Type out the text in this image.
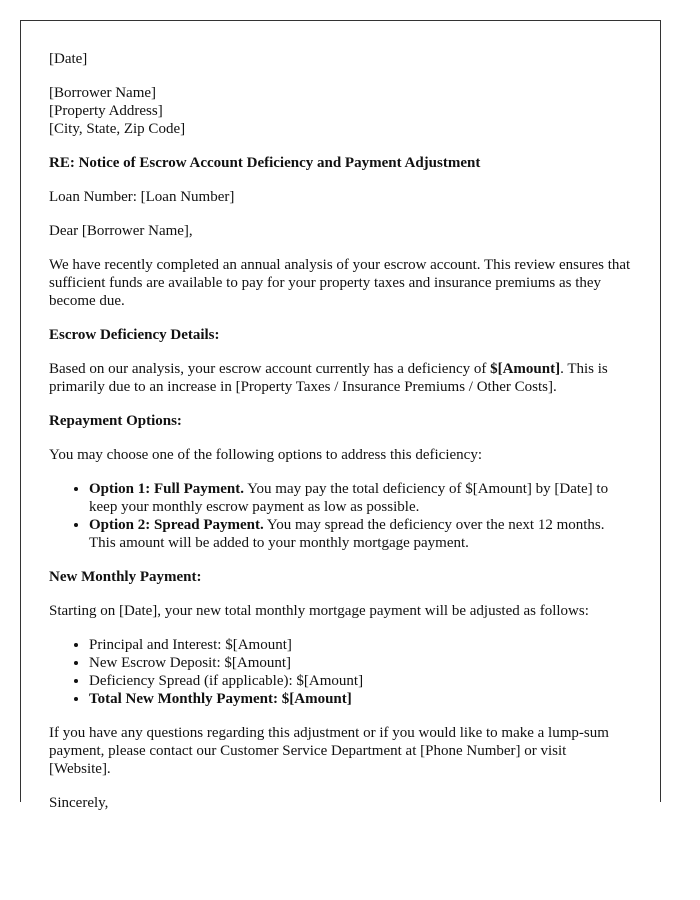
[Date]

[Borrower Name]
[Property Address]
[City, State, Zip Code]

RE: Notice of Escrow Account Deficiency and Payment Adjustment

Loan Number: [Loan Number]

Dear [Borrower Name],

We have recently completed an annual analysis of your escrow account. This review ensures that sufficient funds are available to pay for your property taxes and insurance premiums as they become due.

Escrow Deficiency Details:

Based on our analysis, your escrow account currently has a deficiency of $[Amount]. This is primarily due to an increase in [Property Taxes / Insurance Premiums / Other Costs].

Repayment Options:

You may choose one of the following options to address this deficiency:

• Option 1: Full Payment. You may pay the total deficiency of $[Amount] by [Date] to keep your monthly escrow payment as low as possible.
• Option 2: Spread Payment. You may spread the deficiency over the next 12 months. This amount will be added to your monthly mortgage payment.

New Monthly Payment:

Starting on [Date], your new total monthly mortgage payment will be adjusted as follows:

• Principal and Interest: $[Amount]
• New Escrow Deposit: $[Amount]
• Deficiency Spread (if applicable): $[Amount]
• Total New Monthly Payment: $[Amount]

If you have any questions regarding this adjustment or if you would like to make a lump-sum payment, please contact our Customer Service Department at [Phone Number] or visit [Website].

Sincerely,
